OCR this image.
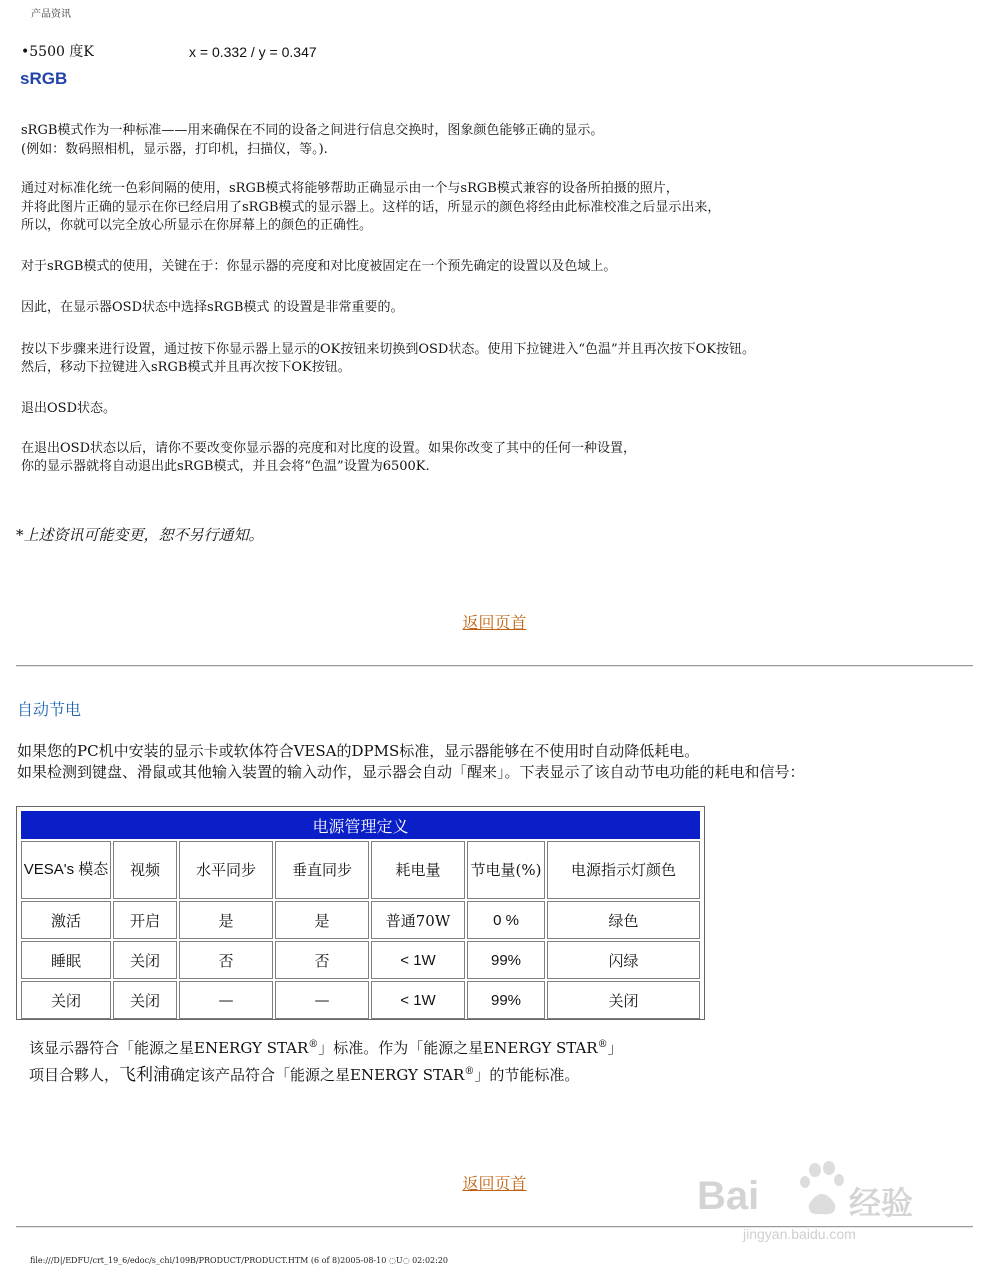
产品资讯
•5500 度K	x = 0.332 / y = 0.347
sRGB
sRGB模式作为一种标准——用来确保在不同的设备之间进行信息交换时，图象颜色能够正确的显示。
(例如：数码照相机，显示器，打印机，扫描仪，等。).
通过对标准化统一色彩间隔的使用，sRGB模式将能够帮助正确显示由一个与sRGB模式兼容的设备所拍摄的照片，
并将此图片正确的显示在你已经启用了sRGB模式的显示器上。这样的话，所显示的颜色将经由此标准校准之后显示出来，
所以，你就可以完全放心所显示在你屏幕上的颜色的正确性。
对于sRGB模式的使用，关键在于：你显示器的亮度和对比度被固定在一个预先确定的设置以及色域上。
因此，在显示器OSD状态中选择sRGB模式 的设置是非常重要的。
按以下步骤来进行设置，通过按下你显示器上显示的OK按钮来切换到OSD状态。使用下拉键进入“色温”并且再次按下OK按钮。
然后，移动下拉键进入sRGB模式并且再次按下OK按钮。
退出OSD状态。
在退出OSD状态以后，请你不要改变你显示器的亮度和对比度的设置。如果你改变了其中的任何一种设置，
你的显示器就将自动退出此sRGB模式，并且会将“色温”设置为6500K.
*上述资讯可能变更，恕不另行通知。
返回页首
自动节电
如果您的PC机中安装的显示卡或软体符合VESA的DPMS标准，显示器能够在不使用时自动降低耗电。
如果检测到键盘、滑鼠或其他输入装置的输入动作，显示器会自动「醒来」。下表显示了该自动节电功能的耗电和信号：
电源管理定义						
VESA's 模态	视频	水平同步	垂直同步	耗电量	节电量(%)	电源指示灯颜色
激活	开启	是	是	普通70W	0 %	绿色
睡眠	关闭	否	否	< 1W	99%	闪绿
关闭	关闭	—	—	< 1W	99%	关闭
该显示器符合「能源之星ENERGY STAR®」标准。作为「能源之星ENERGY STAR®」
项目合夥人，飞利浦确定该产品符合「能源之星ENERGY STAR®」的节能标准。
返回页首	Bai	经验
jingyan.baidu.com
file:///D|/EDFU/crt_19_6/edoc/s_chi/109B/PRODUCT/PRODUCT.HTM (6 of 8)2005-08-10 ◌U◌ 02:02:20
